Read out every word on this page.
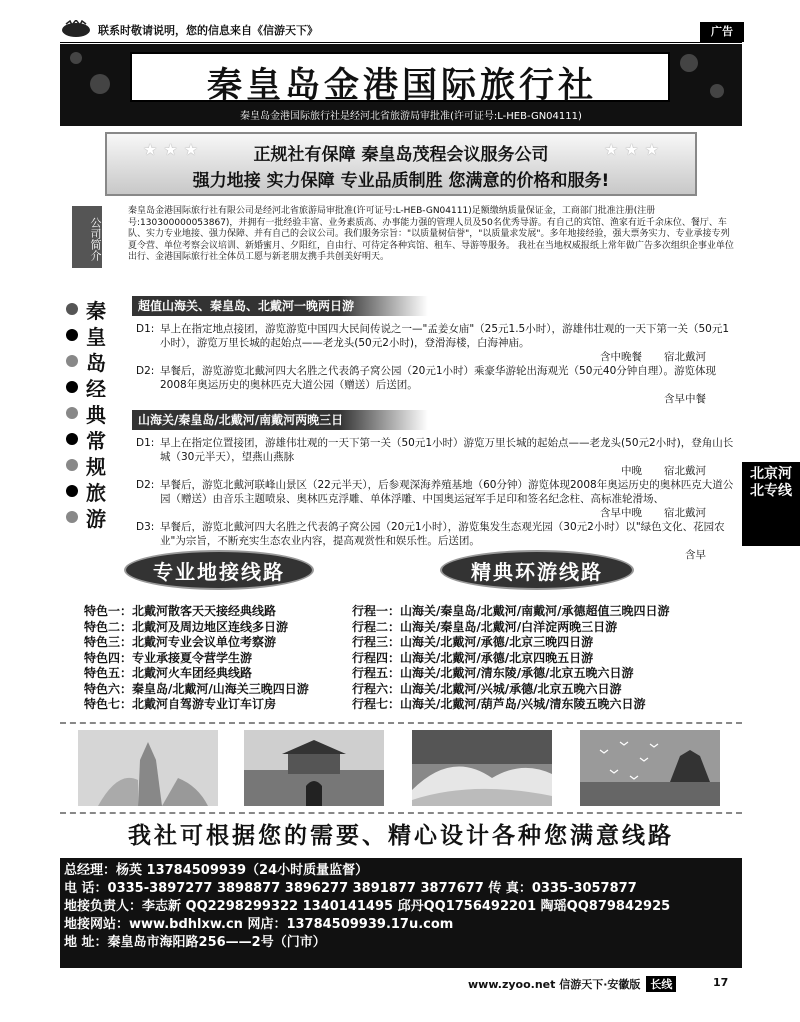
联系时敬请说明，您的信息来自《信游天下》	广告
秦皇岛金港国际旅行社
秦皇岛金港国际旅行社是经河北省旅游局审批准(许可证号:L-HEB-GN04111)
★★★	★★★
正规社有保障 秦皇岛茂程会议服务公司
强力地接 实力保障 专业品质制胜 您满意的价格和服务!
公司简介
秦皇岛金港国际旅行社有限公司是经河北省旅游局审批准(许可证号:L-HEB-GN04111)足额缴纳质量保证金，工商部门批准注册(注册号:130300000053867)，并拥有一批经验丰富、业务素质高、办事能力强的管理人员及50名优秀导游。有自己的宾馆、渔家有近千余床位、餐厅、车队、实力专业地接、强力保障、并有自己的会议公司。我们服务宗旨："以质量树信誉"，"以质量求发展"。多年地接经验，强大票务实力、专业承接专列 夏令营、单位考察会议培训、新婚蜜月、夕阳红，自由行、可待定各种宾馆、租车、导游等服务。 我社在当地权威报纸上常年做广告多次组织企事业单位出行、金港国际旅行社全体员工愿与新老朋友携手共创美好明天。
秦
皇
岛
经
典
常
规
旅
游
超值山海关、秦皇岛、北戴河一晚两日游
D1: 早上在指定地点接团，游览游览中国四大民间传说之一—"孟姜女庙"（25元1.5小时），游雄伟壮观的一天下第一关（50元1小时），游览万里长城的起始点——老龙头(50元2小时)，登滑海楼，白海神庙。
含中晚餐 宿北戴河
D2: 早餐后，游览游览北戴河四大名胜之代表鸽子窝公园（20元1小时）乘豪华游轮出海观光（50元40分钟自理）。游览体现2008年奥运历史的奥林匹克大道公园（赠送）后送团。
含早中餐
山海关/秦皇岛/北戴河/南戴河两晚三日
D1: 早上在指定位置接团，游雄伟壮观的一天下第一关（50元1小时）游览万里长城的起始点——老龙头(50元2小时)，登角山长城（30元半天），望燕山燕脉
中晚 宿北戴河
D2: 早餐后，游览北戴河联峰山景区（22元半天），后参观深海养殖基地（60分钟）游览体现2008年奥运历史的奥林匹克大道公园（赠送）由音乐主题喷泉、奥林匹克浮雕、单体浮雕、中国奥运冠军手足印和签名纪念柱、高标准轮滑场、
含早中晚 宿北戴河
D3: 早餐后，游览北戴河四大名胜之代表鸽子窝公园（20元1小时），游览集发生态观光园（30元2小时）以"绿色文化、花园农业"为宗旨，不断充实生态农业内容，提高观赏性和娱乐性。后送团。
含早
北京河北专线
专业地接线路	精典环游线路
特色一：北戴河散客天天接经典线路
特色二：北戴河及周边地区连线多日游
特色三：北戴河专业会议单位考察游
特色四：专业承接夏令营学生游
特色五：北戴河火车团经典线路
特色六：秦皇岛/北戴河/山海关三晚四日游
特色七：北戴河自驾游专业订车订房
行程一：山海关/秦皇岛/北戴河/南戴河/承德超值三晚四日游
行程二：山海关/秦皇岛/北戴河/白洋淀两晚三日游
行程三：山海关/北戴河/承德/北京三晚四日游
行程四：山海关/北戴河/承德/北京四晚五日游
行程五：山海关/北戴河/清东陵/承德/北京五晚六日游
行程六：山海关/北戴河/兴城/承德/北京五晚六日游
行程七：山海关/北戴河/葫芦岛/兴城/清东陵五晚六日游
我社可根据您的需要、精心设计各种您满意线路
总经理：杨英 13784509939（24小时质量监督）
电 话：0335-3897277 3898877 3896277 3891877 3877677 传 真：0335-3057877
地接负责人：李志新 QQ2298299322 1340141495 邱丹QQ1756492201 陶瑶QQ879842925
地接网站：www.bdhlxw.cn 网店：13784509939.17u.com
地 址：秦皇岛市海阳路256——2号（门市）
www.zyoo.net 信游天下·安徽版 长线	17
